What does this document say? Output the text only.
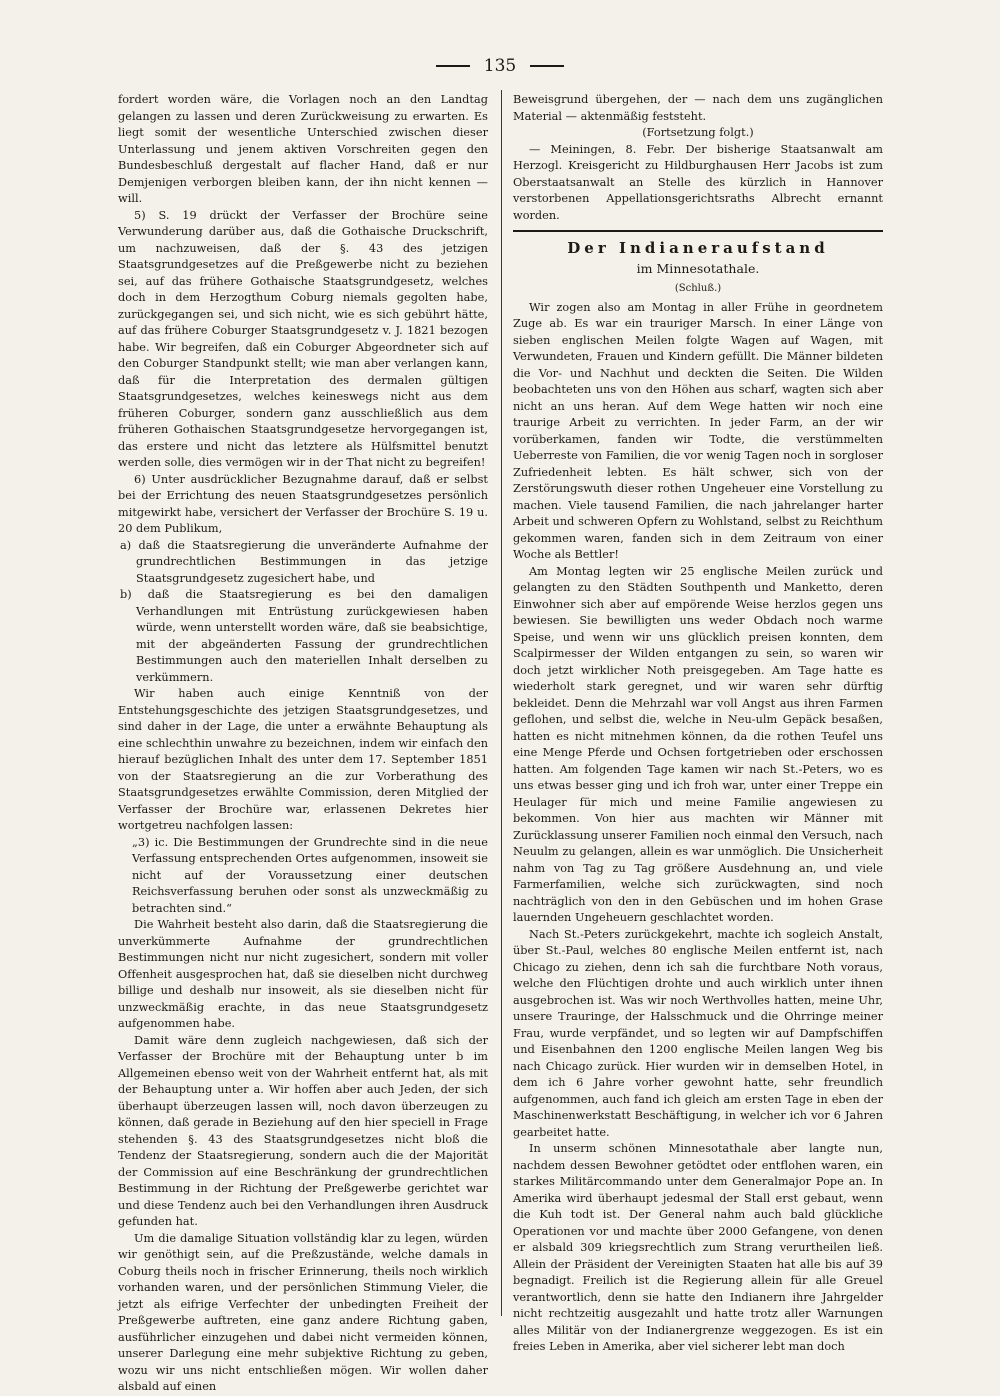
135

fordert worden wäre, die Vorlagen noch an den Landtag gelangen zu lassen und deren Zurückweisung zu erwarten. Es liegt somit der wesentliche Unterschied zwischen dieser Unterlassung und jenem aktiven Vorschreiten gegen den Bundesbeschluß dergestalt auf flacher Hand, daß er nur Demjenigen verborgen bleiben kann, der ihn nicht kennen — will.

5) S. 19 drückt der Verfasser der Brochüre seine Verwunderung darüber aus, daß die Gothaische Druckschrift, um nachzuweisen, daß der §. 43 des jetzigen Staatsgrundgesetzes auf die Preßgewerbe nicht zu beziehen sei, auf das frühere Gothaische Staatsgrundgesetz, welches doch in dem Herzogthum Coburg niemals gegolten habe, zurückgegangen sei, und sich nicht, wie es sich gebührt hätte, auf das frühere Coburger Staatsgrundgesetz v. J. 1821 bezogen habe. Wir begreifen, daß ein Coburger Abgeordneter sich auf den Coburger Standpunkt stellt; wie man aber verlangen kann, daß für die Interpretation des dermalen gültigen Staatsgrundgesetzes, welches keineswegs nicht aus dem früheren Coburger, sondern ganz ausschließlich aus dem früheren Gothaischen Staatsgrundgesetze hervorgegangen ist, das erstere und nicht das letztere als Hülfsmittel benutzt werden solle, dies vermögen wir in der That nicht zu begreifen!

6) Unter ausdrücklicher Bezugnahme darauf, daß er selbst bei der Errichtung des neuen Staatsgrundgesetzes persönlich mitgewirkt habe, versichert der Verfasser der Brochüre S. 19 u. 20 dem Publikum,

a) daß die Staatsregierung die unveränderte Aufnahme der grundrechtlichen Bestimmungen in das jetzige Staatsgrundgesetz zugesichert habe, und

b) daß die Staatsregierung es bei den damaligen Verhandlungen mit Entrüstung zurückgewiesen haben würde, wenn unterstellt worden wäre, daß sie beabsichtige, mit der abgeänderten Fassung der grundrechtlichen Bestimmungen auch den materiellen Inhalt derselben zu verkümmern.

Wir haben auch einige Kenntniß von der Entstehungsgeschichte des jetzigen Staatsgrundgesetzes, und sind daher in der Lage, die unter a erwähnte Behauptung als eine schlechthin unwahre zu bezeichnen, indem wir einfach den hierauf bezüglichen Inhalt des unter dem 17. September 1851 von der Staatsregierung an die zur Vorberathung des Staatsgrundgesetzes erwählte Commission, deren Mitglied der Verfasser der Brochüre war, erlassenen Dekretes hier wortgetreu nachfolgen lassen:

„3) ic. Die Bestimmungen der Grundrechte sind in die neue Verfassung entsprechenden Ortes aufgenommen, insoweit sie nicht auf der Voraussetzung einer deutschen Reichsverfassung beruhen oder sonst als unzweckmäßig zu betrachten sind.“

Die Wahrheit besteht also darin, daß die Staatsregierung die unverkümmerte Aufnahme der grundrechtlichen Bestimmungen nicht nur nicht zugesichert, sondern mit voller Offenheit ausgesprochen hat, daß sie dieselben nicht durchweg billige und deshalb nur insoweit, als sie dieselben nicht für unzweckmäßig erachte, in das neue Staatsgrundgesetz aufgenommen habe.

Damit wäre denn zugleich nachgewiesen, daß sich der Verfasser der Brochüre mit der Behauptung unter b im Allgemeinen ebenso weit von der Wahrheit entfernt hat, als mit der Behauptung unter a. Wir hoffen aber auch Jeden, der sich überhaupt überzeugen lassen will, noch davon überzeugen zu können, daß gerade in Beziehung auf den hier speciell in Frage stehenden §. 43 des Staatsgrundgesetzes nicht bloß die Tendenz der Staatsregierung, sondern auch die der Majorität der Commission auf eine Beschränkung der grundrechtlichen Bestimmung in der Richtung der Preßgewerbe gerichtet war und diese Tendenz auch bei den Verhandlungen ihren Ausdruck gefunden hat.

Um die damalige Situation vollständig klar zu legen, würden wir genöthigt sein, auf die Preßzustände, welche damals in Coburg theils noch in frischer Erinnerung, theils noch wirklich vorhanden waren, und der persönlichen Stimmung Vieler, die jetzt als eifrige Verfechter der unbedingten Freiheit der Preßgewerbe auftreten, eine ganz andere Richtung gaben, ausführlicher einzugehen und dabei nicht vermeiden können, unserer Darlegung eine mehr subjektive Richtung zu geben, wozu wir uns nicht entschließen mögen. Wir wollen daher alsbald auf einen

Beweisgrund übergehen, der — nach dem uns zugänglichen Material — aktenmäßig feststeht.

(Fortsetzung folgt.)

— Meiningen, 8. Febr. Der bisherige Staatsanwalt am Herzogl. Kreisgericht zu Hildburghausen Herr Jacobs ist zum Oberstaatsanwalt an Stelle des kürzlich in Hannover verstorbenen Appellationsgerichtsraths Albrecht ernannt worden.

Der Indianeraufstand
im Minnesotathale.
(Schluß.)

Wir zogen also am Montag in aller Frühe in geordnetem Zuge ab. Es war ein trauriger Marsch. In einer Länge von sieben englischen Meilen folgte Wagen auf Wagen, mit Verwundeten, Frauen und Kindern gefüllt. Die Männer bildeten die Vor- und Nachhut und deckten die Seiten. Die Wilden beobachteten uns von den Höhen aus scharf, wagten sich aber nicht an uns heran. Auf dem Wege hatten wir noch eine traurige Arbeit zu verrichten. In jeder Farm, an der wir vorüberkamen, fanden wir Todte, die verstümmelten Ueberreste von Familien, die vor wenig Tagen noch in sorgloser Zufriedenheit lebten. Es hält schwer, sich von der Zerstörungswuth dieser rothen Ungeheuer eine Vorstellung zu machen. Viele tausend Familien, die nach jahrelanger harter Arbeit und schweren Opfern zu Wohlstand, selbst zu Reichthum gekommen waren, fanden sich in dem Zeitraum von einer Woche als Bettler!

Am Montag legten wir 25 englische Meilen zurück und gelangten zu den Städten Southpenth und Manketto, deren Einwohner sich aber auf empörende Weise herzlos gegen uns bewiesen. Sie bewilligten uns weder Obdach noch warme Speise, und wenn wir uns glücklich preisen konnten, dem Scalpirmesser der Wilden entgangen zu sein, so waren wir doch jetzt wirklicher Noth preisgegeben. Am Tage hatte es wiederholt stark geregnet, und wir waren sehr dürftig bekleidet. Denn die Mehrzahl war voll Angst aus ihren Farmen geflohen, und selbst die, welche in Neu-ulm Gepäck besaßen, hatten es nicht mitnehmen können, da die rothen Teufel uns eine Menge Pferde und Ochsen fortgetrieben oder erschossen hatten. Am folgenden Tage kamen wir nach St.-Peters, wo es uns etwas besser ging und ich froh war, unter einer Treppe ein Heulager für mich und meine Familie angewiesen zu bekommen. Von hier aus machten wir Männer mit Zurücklassung unserer Familien noch einmal den Versuch, nach Neuulm zu gelangen, allein es war unmöglich. Die Unsicherheit nahm von Tag zu Tag größere Ausdehnung an, und viele Farmerfamilien, welche sich zurückwagten, sind noch nachträglich von den in den Gebüschen und im hohen Grase lauernden Ungeheuern geschlachtet worden.

Nach St.-Peters zurückgekehrt, machte ich sogleich Anstalt, über St.-Paul, welches 80 englische Meilen entfernt ist, nach Chicago zu ziehen, denn ich sah die furchtbare Noth voraus, welche den Flüchtigen drohte und auch wirklich unter ihnen ausgebrochen ist. Was wir noch Werthvolles hatten, meine Uhr, unsere Trauringe, der Halsschmuck und die Ohrringe meiner Frau, wurde verpfändet, und so legten wir auf Dampfschiffen und Eisenbahnen den 1200 englische Meilen langen Weg bis nach Chicago zurück. Hier wurden wir in demselben Hotel, in dem ich 6 Jahre vorher gewohnt hatte, sehr freundlich aufgenommen, auch fand ich gleich am ersten Tage in eben der Maschinenwerkstatt Beschäftigung, in welcher ich vor 6 Jahren gearbeitet hatte.

In unserm schönen Minnesotathale aber langte nun, nachdem dessen Bewohner getödtet oder entflohen waren, ein starkes Militärcommando unter dem Generalmajor Pope an. In Amerika wird überhaupt jedesmal der Stall erst gebaut, wenn die Kuh todt ist. Der General nahm auch bald glückliche Operationen vor und machte über 2000 Gefangene, von denen er alsbald 309 kriegsrechtlich zum Strang verurtheilen ließ. Allein der Präsident der Vereinigten Staaten hat alle bis auf 39 begnadigt. Freilich ist die Regierung allein für alle Greuel verantwortlich, denn sie hatte den Indianern ihre Jahrgelder nicht rechtzeitig ausgezahlt und hatte trotz aller Warnungen alles Militär von der Indianergrenze weggezogen. Es ist ein freies Leben in Amerika, aber viel sicherer lebt man doch
